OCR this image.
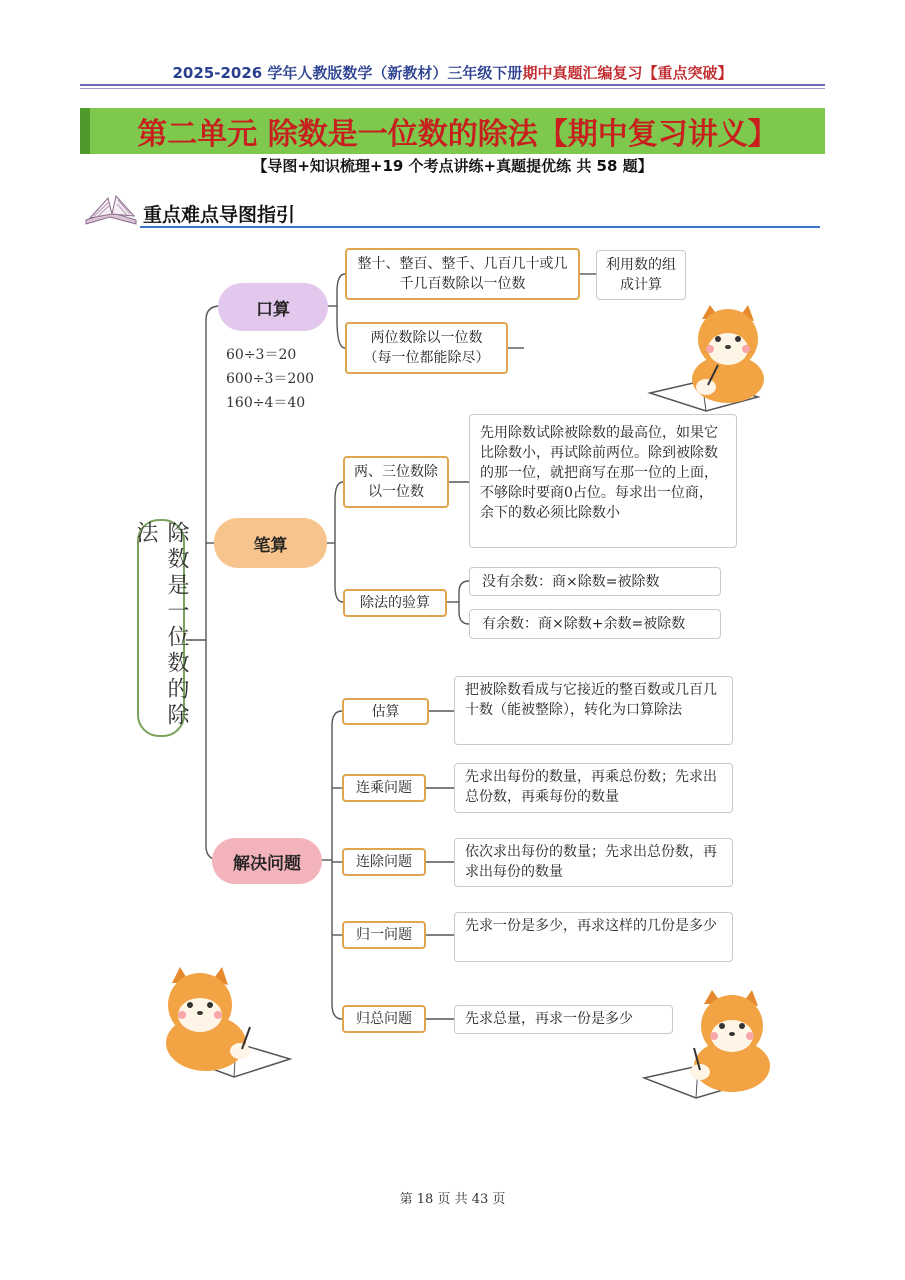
2025-2026 学年人教版数学（新教材）三年级下册期中真题汇编复习【重点突破】
第二单元 除数是一位数的除法【期中复习讲义】
【导图+知识梳理+19 个考点讲练+真题提优练 共 58 题】
重点难点导图指引
除数是一位数的除法
口算
60÷3＝20
600÷3＝200
160÷4＝40
整十、整百、整千、几百几十或几千几百数除以一位数
利用数的组成计算
两位数除以一位数（每一位都能除尽）
笔算
两、三位数除以一位数
先用除数试除被除数的最高位，如果它比除数小，再试除前两位。除到被除数的那一位，就把商写在那一位的上面，不够除时要商0占位。每求出一位商，余下的数必须比除数小
除法的验算
没有余数：商×除数=被除数
有余数：商×除数+余数=被除数
解决问题
估算
把被除数看成与它接近的整百数或几百几十数（能被整除），转化为口算除法
连乘问题
先求出每份的数量，再乘总份数；先求出总份数，再乘每份的数量
连除问题
依次求出每份的数量；先求出总份数，再求出每份的数量
归一问题
先求一份是多少，再求这样的几份是多少
归总问题	先求总量，再求一份是多少
第 18 页 共 43 页
